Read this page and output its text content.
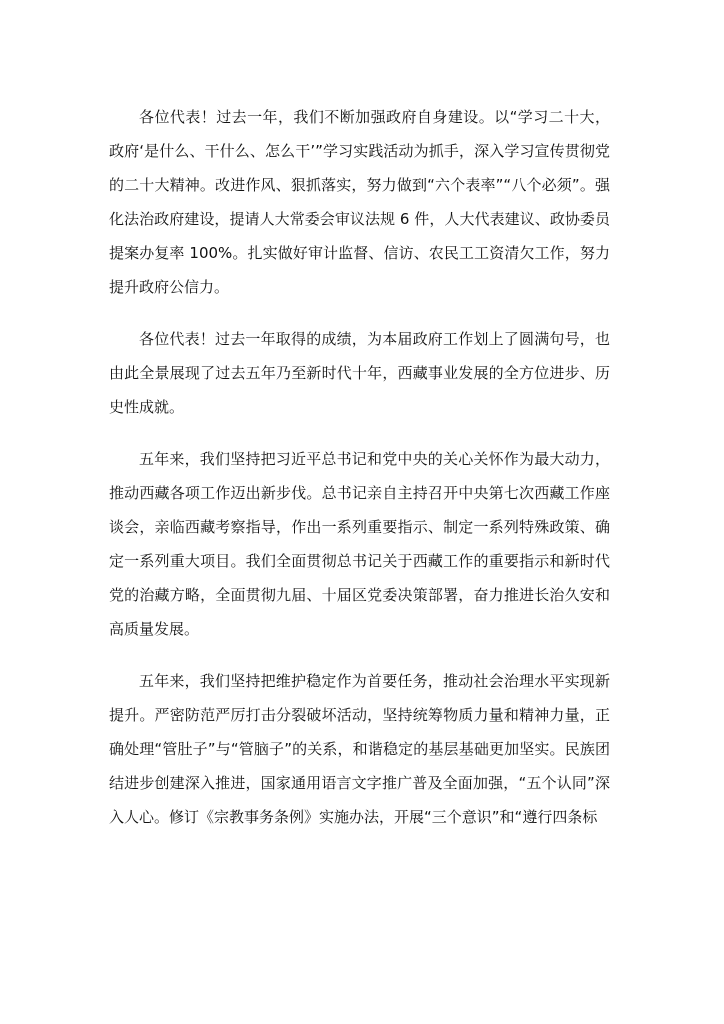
各位代表！过去一年，我们不断加强政府自身建设。以“学习二十大，政府‘是什么、干什么、怎么干’”学习实践活动为抓手，深入学习宣传贯彻党的二十大精神。改进作风、狠抓落实，努力做到“六个表率”“八个必须”。强化法治政府建设，提请人大常委会审议法规 6 件，人大代表建议、政协委员提案办复率 100%。扎实做好审计监督、信访、农民工工资清欠工作，努力提升政府公信力。

各位代表！过去一年取得的成绩，为本届政府工作划上了圆满句号，也由此全景展现了过去五年乃至新时代十年，西藏事业发展的全方位进步、历史性成就。

五年来，我们坚持把习近平总书记和党中央的关心关怀作为最大动力，推动西藏各项工作迈出新步伐。总书记亲自主持召开中央第七次西藏工作座谈会，亲临西藏考察指导，作出一系列重要指示、制定一系列特殊政策、确定一系列重大项目。我们全面贯彻总书记关于西藏工作的重要指示和新时代党的治藏方略，全面贯彻九届、十届区党委决策部署，奋力推进长治久安和高质量发展。

五年来，我们坚持把维护稳定作为首要任务，推动社会治理水平实现新提升。严密防范严厉打击分裂破坏活动，坚持统筹物质力量和精神力量，正确处理“管肚子”与“管脑子”的关系，和谐稳定的基层基础更加坚实。民族团结进步创建深入推进，国家通用语言文字推广普及全面加强，“五个认同”深入人心。修订《宗教事务条例》实施办法，开展“三个意识”和“遵行四条标
